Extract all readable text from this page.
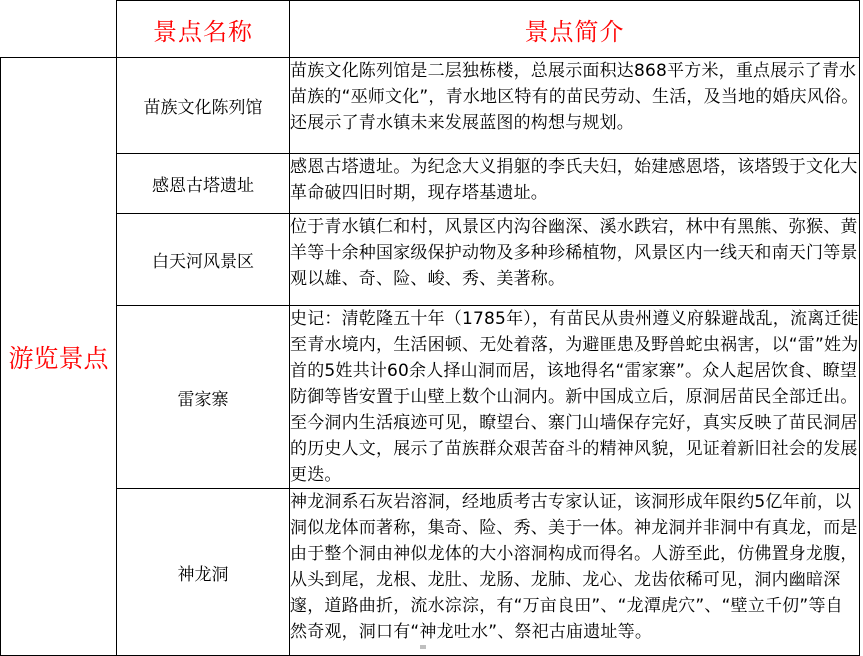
	景点名称	景点简介
游览景点	苗族文化陈列馆	苗族文化陈列馆是二层独栋楼，总展示面积达868平方米，重点展示了青水苗族的“巫师文化”，青水地区特有的苗民劳动、生活，及当地的婚庆风俗。还展示了青水镇未来发展蓝图的构想与规划。
	感恩古塔遗址	感恩古塔遗址。为纪念大义捐躯的李氏夫妇，始建感恩塔，该塔毁于文化大革命破四旧时期，现存塔基遗址。
	白天河风景区	位于青水镇仁和村，风景区内沟谷幽深、溪水跌宕，林中有黑熊、弥猴、黄羊等十余种国家级保护动物及多种珍稀植物，风景区内一线天和南天门等景观以雄、奇、险、峻、秀、美著称。
	雷家寨	史记：清乾隆五十年（1785年），有苗民从贵州遵义府躲避战乱，流离迁徙至青水境内，生活困顿、无处着落，为避匪患及野兽蛇虫祸害，以“雷”姓为首的5姓共计60余人择山洞而居，该地得名“雷家寨”。众人起居饮食、瞭望防御等皆安置于山壁上数个山洞内。新中国成立后，原洞居苗民全部迁出。至今洞内生活痕迹可见，瞭望台、寨门山墙保存完好，真实反映了苗民洞居的历史人文，展示了苗族群众艰苦奋斗的精神风貌，见证着新旧社会的发展更迭。
	神龙洞	神龙洞系石灰岩溶洞，经地质考古专家认证，该洞形成年限约5亿年前，以洞似龙体而著称，集奇、险、秀、美于一体。神龙洞并非洞中有真龙，而是由于整个洞由神似龙体的大小溶洞构成而得名。人游至此，仿佛置身龙腹，从头到尾，龙根、龙肚、龙肠、龙肺、龙心、龙齿依稀可见，洞内幽暗深邃，道路曲折，流水淙淙，有“万亩良田”、“龙潭虎穴”、“壁立千仞”等自然奇观，洞口有“神龙吐水”、祭祀古庙遗址等。
